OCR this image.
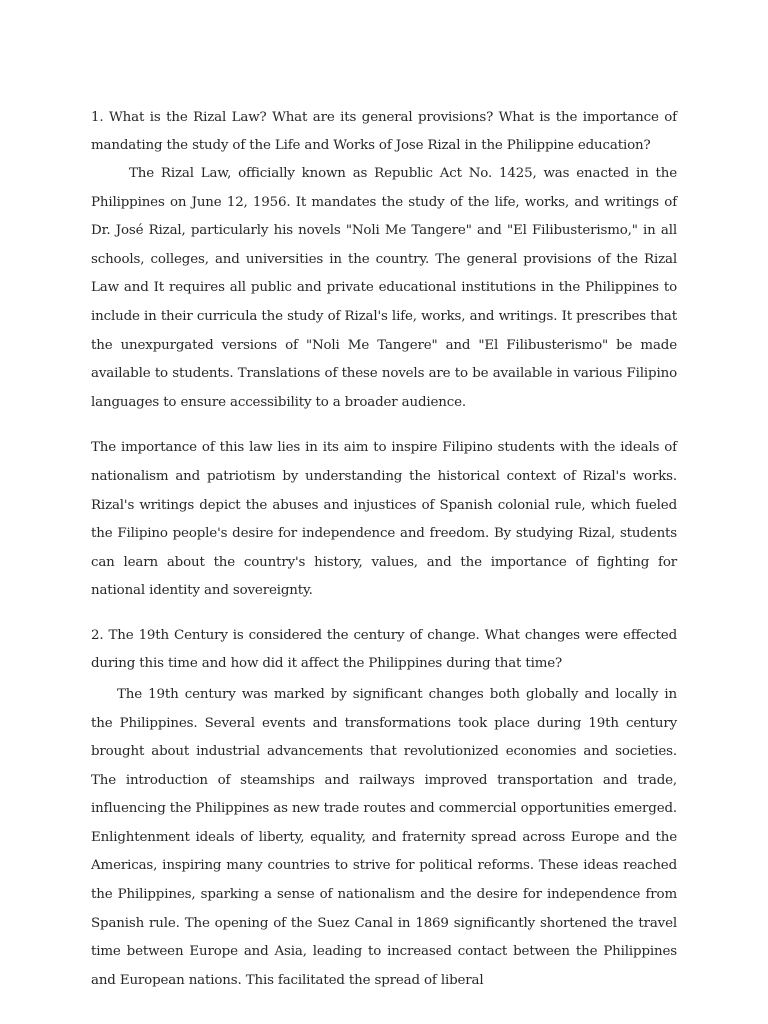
1. What is the Rizal Law? What are its general provisions? What is the importance of mandating the study of the Life and Works of Jose Rizal in the Philippine education?

The Rizal Law, officially known as Republic Act No. 1425, was enacted in the Philippines on June 12, 1956. It mandates the study of the life, works, and writings of Dr. José Rizal, particularly his novels "Noli Me Tangere" and "El Filibusterismo," in all schools, colleges, and universities in the country. The general provisions of the Rizal Law and It requires all public and private educational institutions in the Philippines to include in their curricula the study of Rizal's life, works, and writings. It prescribes that the unexpurgated versions of "Noli Me Tangere" and "El Filibusterismo" be made available to students. Translations of these novels are to be available in various Filipino languages to ensure accessibility to a broader audience.

The importance of this law lies in its aim to inspire Filipino students with the ideals of nationalism and patriotism by understanding the historical context of Rizal's works. Rizal's writings depict the abuses and injustices of Spanish colonial rule, which fueled the Filipino people's desire for independence and freedom. By studying Rizal, students can learn about the country's history, values, and the importance of fighting for national identity and sovereignty.

2. The 19th Century is considered the century of change. What changes were effected during this time and how did it affect the Philippines during that time?

The 19th century was marked by significant changes both globally and locally in the Philippines. Several events and transformations took place during 19th century brought about industrial advancements that revolutionized economies and societies. The introduction of steamships and railways improved transportation and trade, influencing the Philippines as new trade routes and commercial opportunities emerged. Enlightenment ideals of liberty, equality, and fraternity spread across Europe and the Americas, inspiring many countries to strive for political reforms. These ideas reached the Philippines, sparking a sense of nationalism and the desire for independence from Spanish rule. The opening of the Suez Canal in 1869 significantly shortened the travel time between Europe and Asia, leading to increased contact between the Philippines and European nations. This facilitated the spread of liberal
